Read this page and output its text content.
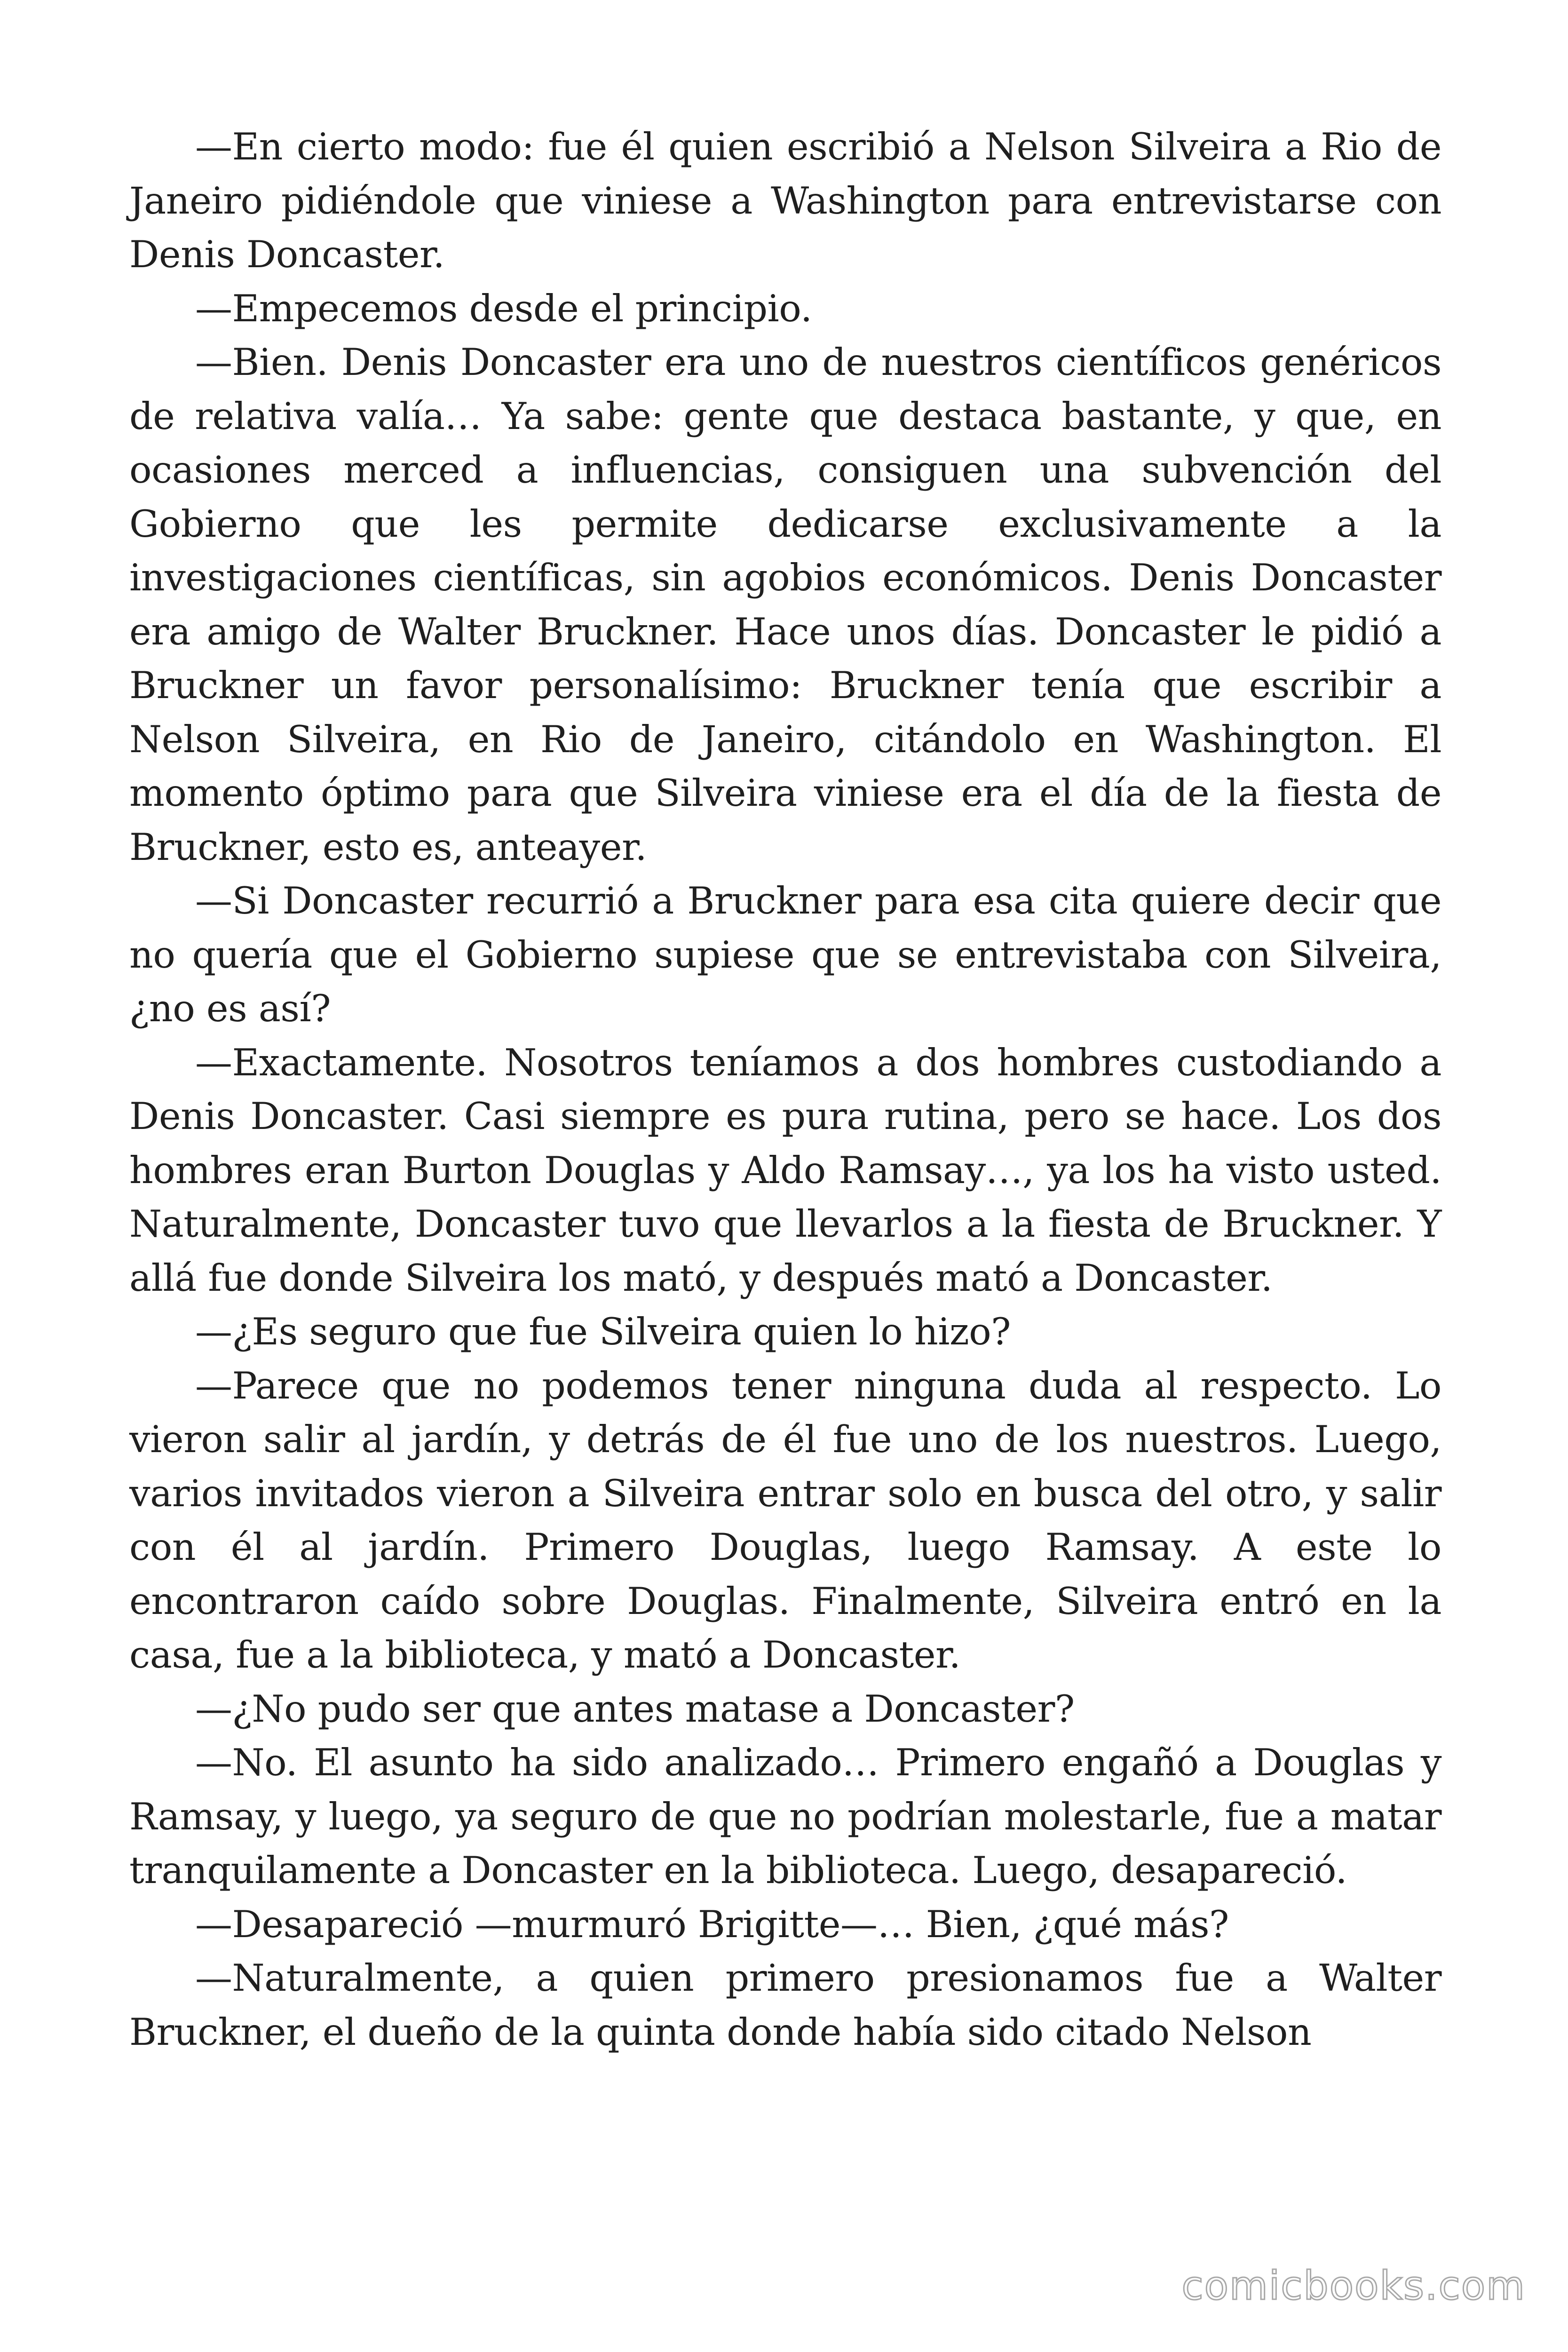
—En cierto modo: fue él quien escribió a Nelson Silveira a Rio de Janeiro pidiéndole que viniese a Washington para entrevistarse con Denis Doncaster.

—Empecemos desde el principio.

—Bien. Denis Doncaster era uno de nuestros científicos genéricos de relativa valía… Ya sabe: gente que destaca bastante, y que, en ocasiones merced a influencias, consiguen una subvención del Gobierno que les permite dedicarse exclusivamente a la investigaciones científicas, sin agobios económicos. Denis Doncaster era amigo de Walter Bruckner. Hace unos días. Doncaster le pidió a Bruckner un favor personalísimo: Bruckner tenía que escribir a Nelson Silveira, en Rio de Janeiro, citándolo en Washington. El momento óptimo para que Silveira viniese era el día de la fiesta de Bruckner, esto es, anteayer.

—Si Doncaster recurrió a Bruckner para esa cita quiere decir que no quería que el Gobierno supiese que se entrevistaba con Silveira, ¿no es así?

—Exactamente. Nosotros teníamos a dos hombres custodiando a Denis Doncaster. Casi siempre es pura rutina, pero se hace. Los dos hombres eran Burton Douglas y Aldo Ramsay…, ya los ha visto usted. Naturalmente, Doncaster tuvo que llevarlos a la fiesta de Bruckner. Y allá fue donde Silveira los mató, y después mató a Doncaster.

—¿Es seguro que fue Silveira quien lo hizo?

—Parece que no podemos tener ninguna duda al respecto. Lo vieron salir al jardín, y detrás de él fue uno de los nuestros. Luego, varios invitados vieron a Silveira entrar solo en busca del otro, y salir con él al jardín. Primero Douglas, luego Ramsay. A este lo encontraron caído sobre Douglas. Finalmente, Silveira entró en la casa, fue a la biblioteca, y mató a Doncaster.

—¿No pudo ser que antes matase a Doncaster?

—No. El asunto ha sido analizado… Primero engañó a Douglas y Ramsay, y luego, ya seguro de que no podrían molestarle, fue a matar tranquilamente a Doncaster en la biblioteca. Luego, desapareció.

—Desapareció —murmuró Brigitte—… Bien, ¿qué más?

—Naturalmente, a quien primero presionamos fue a Walter Bruckner, el dueño de la quinta donde había sido citado Nelson

comicbooks.com
